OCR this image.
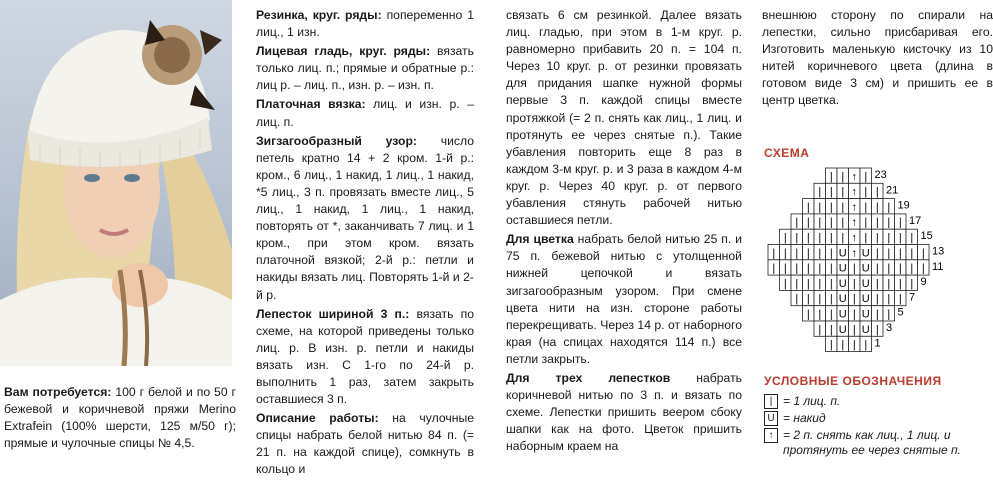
Вам потребуется: 100 г белой и по 50 г бежевой и коричневой пряжи Merino Extrafein (100% шерсти, 125 м/50 г); прямые и чулочные спицы № 4,5.

Резинка, круг. ряды: попеременно 1 лиц., 1 изн.

Лицевая гладь, круг. ряды: вязать только лиц. п.; прямые и обратные р.: лиц р. – лиц. п., изн. р. – изн. п.

Платочная вязка: лиц. и изн. р. – лиц. п.

Зигзагообразный узор: число петель кратно 14 + 2 кром. 1-й р.: кром., 6 лиц., 1 накид, 1 лиц., 1 накид, *5 лиц., 3 п. провязать вместе лиц., 5 лиц., 1 накид, 1 лиц., 1 накид, повторять от *, заканчивать 7 лиц. и 1 кром., при этом кром. вязать платочной вязкой; 2-й р.: петли и накиды вязать лиц. Повторять 1-й и 2-й р.

Лепесток шириной 3 п.: вязать по схеме, на которой приведены только лиц. р. В изн. р. петли и накиды вязать изн. С 1-го по 24-й р. выполнить 1 раз, затем закрыть оставшиеся 3 п.

Описание работы: на чулочные спицы набрать белой нитью 84 п. (= 21 п. на каждой спице), сомкнуть в кольцо и

связать 6 см резинкой. Далее вязать лиц. гладью, при этом в 1-м круг. р. равномерно прибавить 20 п. = 104 п. Через 10 круг. р. от резинки провязать для придания шапке нужной формы первые 3 п. каждой спицы вместе протяжкой (= 2 п. снять как лиц., 1 лиц. и протянуть ее через снятые п.). Такие убавления повторить еще 8 раз в каждом 3-м круг. р. и 3 раза в каждом 4-м круг. р. Через 40 круг. р. от первого убавления стянуть рабочей нитью оставшиеся петли.

Для цветка набрать белой нитью 25 п. и 75 п. бежевой нитью с утолщенной нижней цепочкой и вязать зигзагообразным узором. При смене цвета нити на изн. стороне работы перекрещивать. Через 14 р. от наборного края (на спицах находятся 114 п.) все петли закрыть.

Для трех лепестков набрать коричневой нитью по 3 п. и вязать по схеме. Лепестки пришить веером сбоку шапки как на фото. Цветок пришить наборным краем на

внешнюю сторону по спирали на лепестки, сильно присбаривая его. Изготовить маленькую кисточку из 10 нитей коричневого цвета (длина в готовом виде 3 см) и пришить ее в центр цветка.

СХЕМА
| | ↑ | 23
| | | ↑ | | 21
| | | | ↑ | | | 19
| | | | | ↑ | | | | 17
| | | | | | ↑ | | | | | 15
| | | | | | U ↑ U | | | | | 13
| | | | | | U | U | | | | | 11
| | | | | U | U | | | | 9
| | | | U | U | | | 7
| | | U | U | | 5
| | U | U | 3
| | | | 1
УСЛОВНЫЕ ОБОЗНАЧЕНИЯ
| = 1 лиц. п.
U = накид
↑ = 2 п. снять как лиц., 1 лиц. и протянуть ее через снятые п.
